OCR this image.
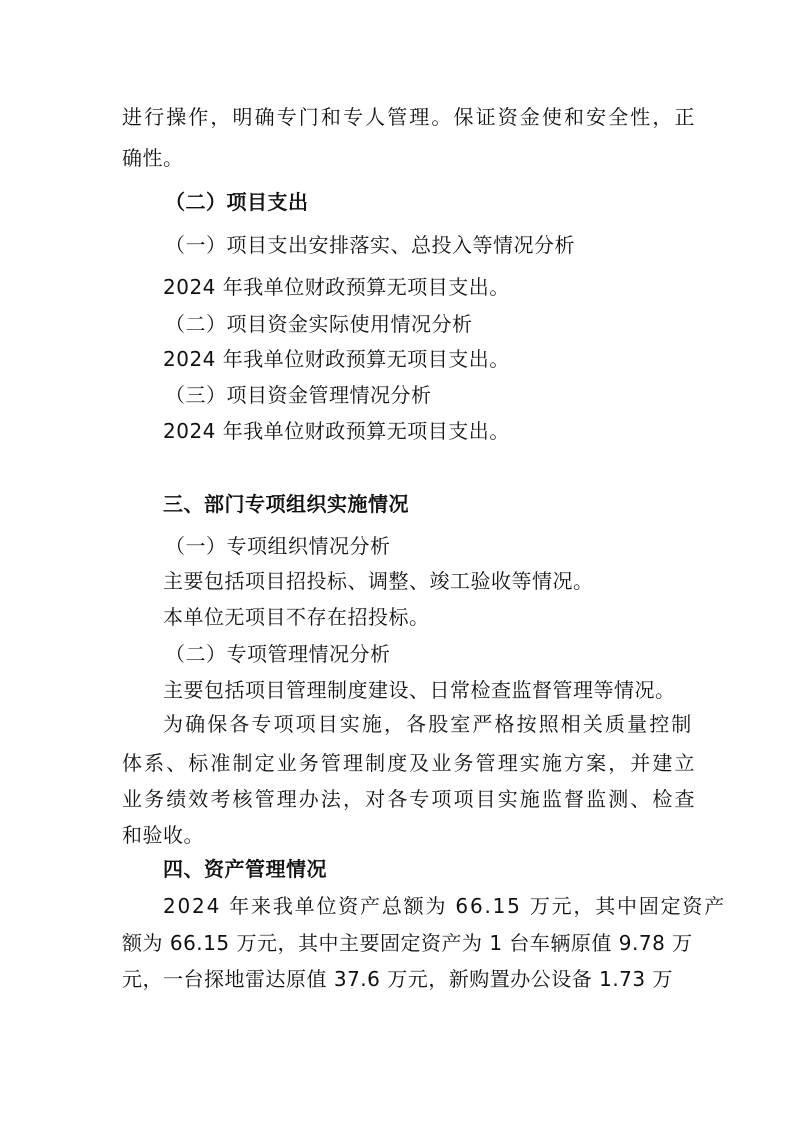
进行操作，明确专门和专人管理。保证资金使和安全性，正
确性。
（二）项目支出
（一）项目支出安排落实、总投入等情况分析
2024 年我单位财政预算无项目支出。
（二）项目资金实际使用情况分析
2024 年我单位财政预算无项目支出。
（三）项目资金管理情况分析
2024 年我单位财政预算无项目支出。
三、部门专项组织实施情况
（一）专项组织情况分析
主要包括项目招投标、调整、竣工验收等情况。
本单位无项目不存在招投标。
（二）专项管理情况分析
主要包括项目管理制度建设、日常检查监督管理等情况。
为确保各专项项目实施，各股室严格按照相关质量控制
体系、标准制定业务管理制度及业务管理实施方案，并建立
业务绩效考核管理办法，对各专项项目实施监督监测、检查
和验收。
四、资产管理情况
2024 年来我单位资产总额为 66.15 万元，其中固定资产
额为 66.15 万元，其中主要固定资产为 1 台车辆原值 9.78 万
元，一台探地雷达原值 37.6 万元，新购置办公设备 1.73 万
